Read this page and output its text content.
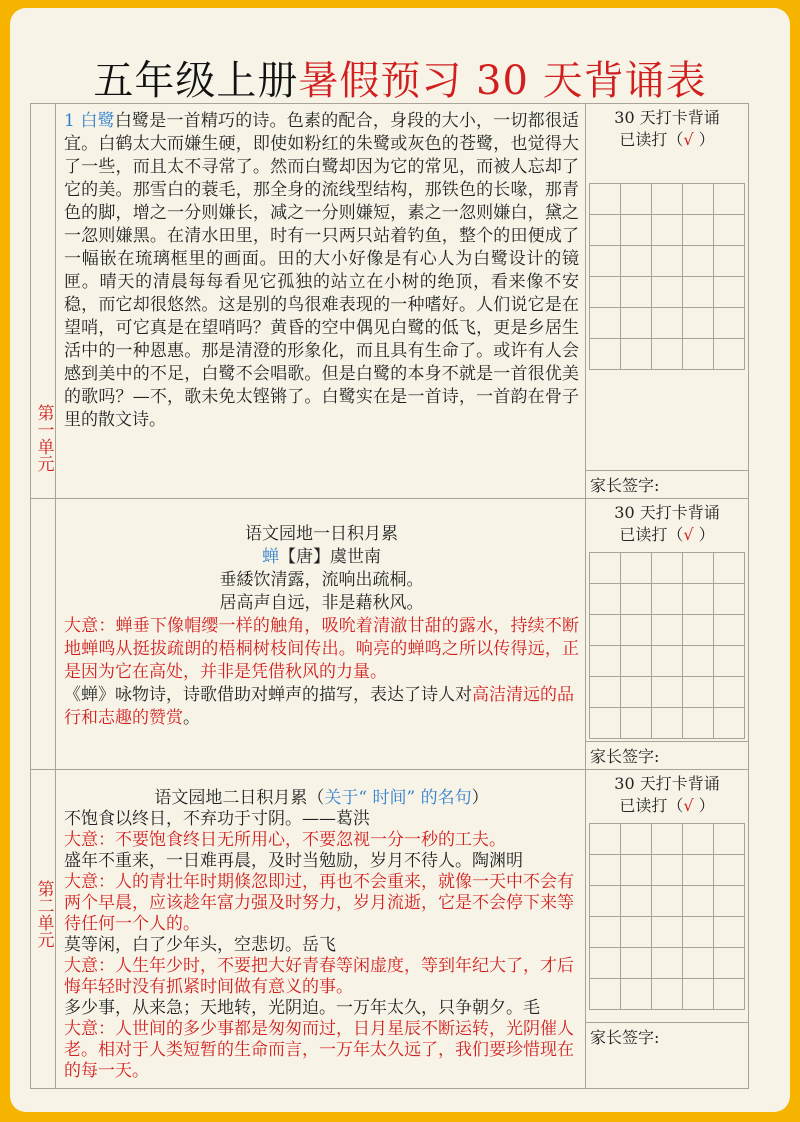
五年级上册暑假预习 30 天背诵表
第一单元

1 白鹭白鹭是一首精巧的诗。色素的配合，身段的大小，一切都很适宜。白鹤太大而嫌生硬，即使如粉红的朱鹭或灰色的苍鹭，也觉得大了一些，而且太不寻常了。然而白鹭却因为它的常见，而被人忘却了它的美。那雪白的蓑毛，那全身的流线型结构，那铁色的长喙，那青色的脚，增之一分则嫌长，减之一分则嫌短，素之一忽则嫌白，黛之一忽则嫌黑。在清水田里，时有一只两只站着钓鱼，整个的田便成了一幅嵌在琉璃框里的画面。田的大小好像是有心人为白鹭设计的镜匣。晴天的清晨每每看见它孤独的站立在小树的绝顶，看来像不安稳，而它却很悠然。这是别的鸟很难表现的一种嗜好。人们说它是在望哨，可它真是在望哨吗？黄昏的空中偶见白鹭的低飞，更是乡居生活中的一种恩惠。那是清澄的形象化，而且具有生命了。或许有人会感到美中的不足，白鹭不会唱歌。但是白鹭的本身不就是一首很优美的歌吗？—不，歌未免太铿锵了。白鹭实在是一首诗，一首韵在骨子里的散文诗。

30 天打卡背诵
已读打（√ ）

家长签字:

语文园地一日积月累
蝉【唐】虞世南
垂緌饮清露，流响出疏桐。
居高声自远，非是藉秋风。
大意：蝉垂下像帽缨一样的触角，吸吮着清澈甘甜的露水，持续不断地蝉鸣从挺拔疏朗的梧桐树枝间传出。响亮的蝉鸣之所以传得远，正是因为它在高处，并非是凭借秋风的力量。
《蝉》咏物诗，诗歌借助对蝉声的描写，表达了诗人对高洁清远的品行和志趣的赞赏。

30 天打卡背诵
已读打（√ ）

家长签字:

第二单元

语文园地二日积月累（关于“ 时间” 的名句）
不饱食以终日，不弃功于寸阴。——葛洪
大意：不要饱食终日无所用心，不要忽视一分一秒的工夫。
盛年不重来，一日难再晨，及时当勉励，岁月不待人。陶渊明
大意：人的青壮年时期倏忽即过，再也不会重来，就像一天中不会有两个早晨，应该趁年富力强及时努力，岁月流逝，它是不会停下来等待任何一个人的。
莫等闲，白了少年头，空悲切。岳飞
大意：人生年少时，不要把大好青春等闲虚度，等到年纪大了，才后悔年轻时没有抓紧时间做有意义的事。
多少事，从来急；天地转，光阴迫。一万年太久，只争朝夕。毛
大意：人世间的多少事都是匆匆而过，日月星辰不断运转，光阴催人老。相对于人类短暂的生命而言，一万年太久远了，我们要珍惜现在的每一天。

30 天打卡背诵
已读打（√ ）

家长签字:
